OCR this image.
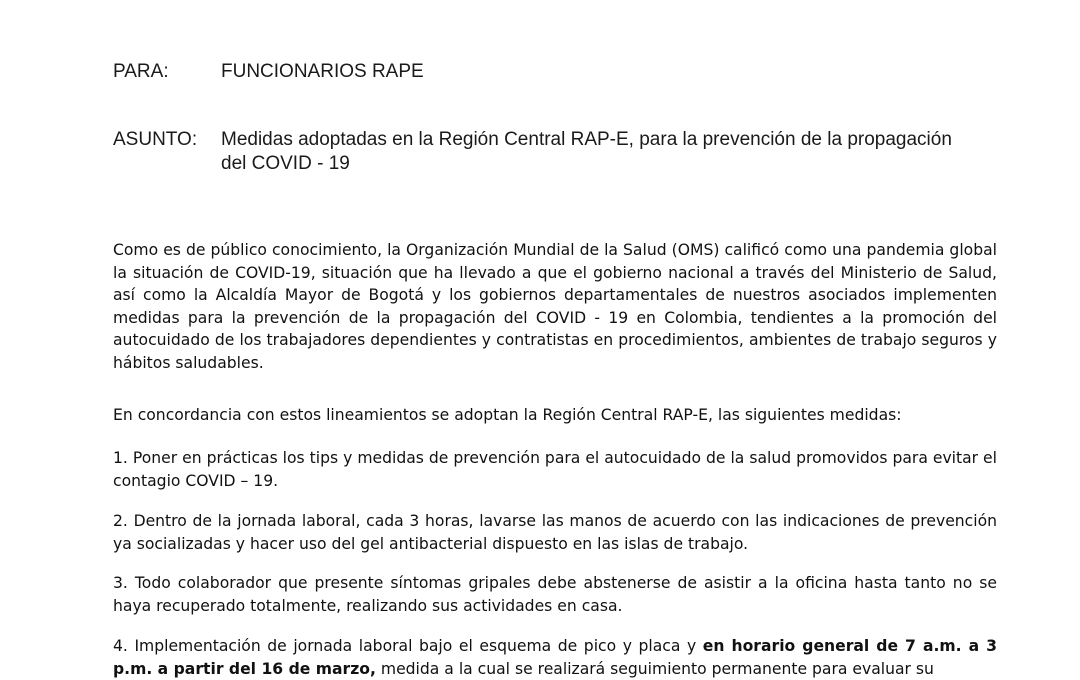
PARA:	FUNCIONARIOS RAPE
ASUNTO: Medidas adoptadas en la Región Central RAP-E, para la prevención de la propagación del COVID - 19

Como es de público conocimiento, la Organización Mundial de la Salud (OMS) calificó como una pandemia global la situación de COVID-19, situación que ha llevado a que el gobierno nacional a través del Ministerio de Salud, así como la Alcaldía Mayor de Bogotá y los gobiernos departamentales de nuestros asociados implementen medidas para la prevención de la propagación del COVID - 19 en Colombia, tendientes a la promoción del autocuidado de los trabajadores dependientes y contratistas en procedimientos, ambientes de trabajo seguros y hábitos saludables.

En concordancia con estos lineamientos se adoptan la Región Central RAP-E, las siguientes medidas:

1. Poner en prácticas los tips y medidas de prevención para el autocuidado de la salud promovidos para evitar el contagio COVID – 19.

2. Dentro de la jornada laboral, cada 3 horas, lavarse las manos de acuerdo con las indicaciones de prevención ya socializadas y hacer uso del gel antibacterial dispuesto en las islas de trabajo.

3. Todo colaborador que presente síntomas gripales debe abstenerse de asistir a la oficina hasta tanto no se haya recuperado totalmente, realizando sus actividades en casa.

4. Implementación de jornada laboral bajo el esquema de pico y placa y en horario general de 7 a.m. a 3 p.m. a partir del 16 de marzo, medida a la cual se realizará seguimiento permanente para evaluar su
